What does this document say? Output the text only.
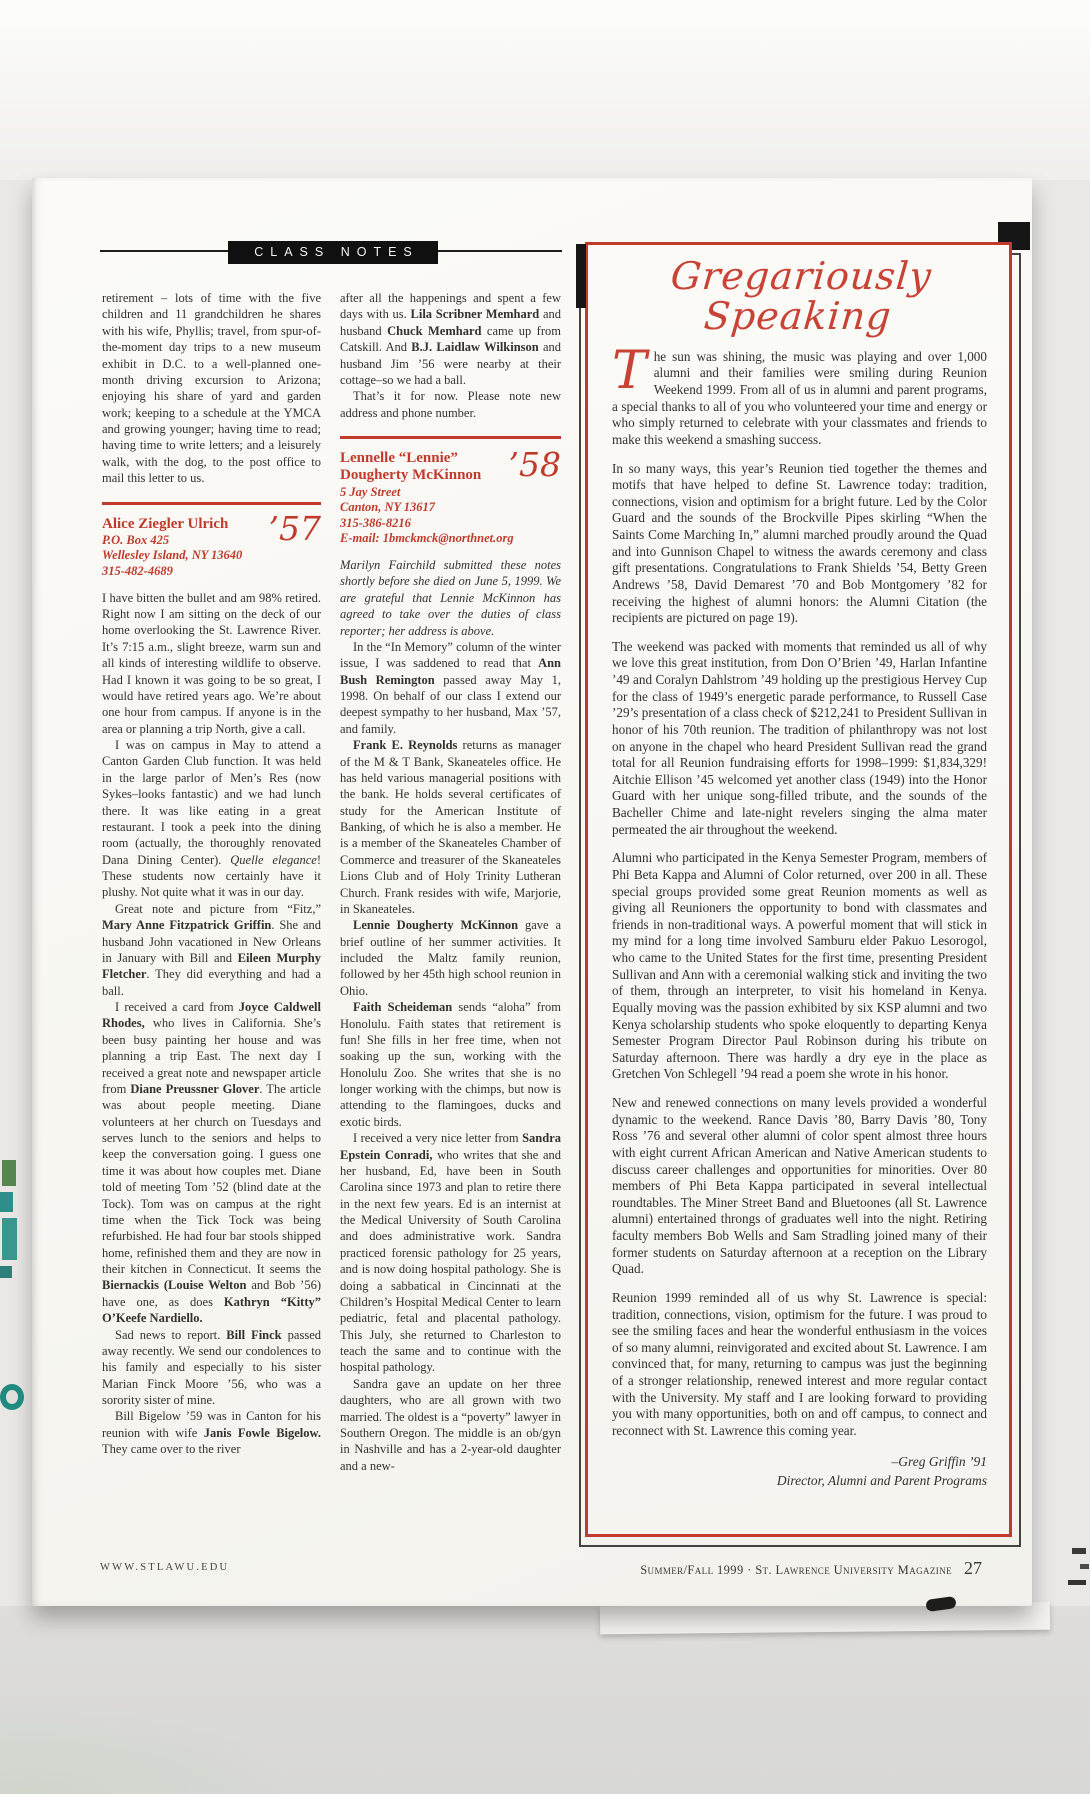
CLASS NOTES

retirement – lots of time with the five children and 11 grandchildren he shares with his wife, Phyllis; travel, from spur-of-the-moment day trips to a new museum exhibit in D.C. to a well-planned one-month driving excursion to Arizona; enjoying his share of yard and garden work; keeping to a schedule at the YMCA and growing younger; having time to read; having time to write letters; and a leisurely walk, with the dog, to the post office to mail this letter to us.

’57
Alice Ziegler Ulrich
P.O. Box 425
Wellesley Island, NY 13640
315-482-4689

I have bitten the bullet and am 98% retired. Right now I am sitting on the deck of our home overlooking the St. Lawrence River. It’s 7:15 a.m., slight breeze, warm sun and all kinds of interesting wildlife to observe. Had I known it was going to be so great, I would have retired years ago. We’re about one hour from campus. If anyone is in the area or planning a trip North, give a call.

I was on campus in May to attend a Canton Garden Club function. It was held in the large parlor of Men’s Res (now Sykes–looks fantastic) and we had lunch there. It was like eating in a great restaurant. I took a peek into the dining room (actually, the thoroughly renovated Dana Dining Center). Quelle elegance! These students now certainly have it plushy. Not quite what it was in our day.

Great note and picture from “Fitz,” Mary Anne Fitzpatrick Griffin. She and husband John vacationed in New Orleans in January with Bill and Eileen Murphy Fletcher. They did everything and had a ball.

I received a card from Joyce Caldwell Rhodes, who lives in California. She’s been busy painting her house and was planning a trip East. The next day I received a great note and newspaper article from Diane Preussner Glover. The article was about people meeting. Diane volunteers at her church on Tuesdays and serves lunch to the seniors and helps to keep the conversation going. I guess one time it was about how couples met. Diane told of meeting Tom ’52 (blind date at the Tock). Tom was on campus at the right time when the Tick Tock was being refurbished. He had four bar stools shipped home, refinished them and they are now in their kitchen in Connecticut. It seems the Biernackis (Louise Welton and Bob ’56) have one, as does Kathryn “Kitty” O’Keefe Nardiello.

Sad news to report. Bill Finck passed away recently. We send our condolences to his family and especially to his sister Marian Finck Moore ’56, who was a sorority sister of mine.

Bill Bigelow ’59 was in Canton for his reunion with wife Janis Fowle Bigelow. They came over to the river

after all the happenings and spent a few days with us. Lila Scribner Memhard and husband Chuck Memhard came up from Catskill. And B.J. Laidlaw Wilkinson and husband Jim ’56 were nearby at their cottage–so we had a ball.

That’s it for now. Please note new address and phone number.

’58
Lennelle “Lennie”
Dougherty McKinnon
5 Jay Street
Canton, NY 13617
315-386-8216
E-mail: 1bmckmck@northnet.org

Marilyn Fairchild submitted these notes shortly before she died on June 5, 1999. We are grateful that Lennie McKinnon has agreed to take over the duties of class reporter; her address is above.

In the “In Memory” column of the winter issue, I was saddened to read that Ann Bush Remington passed away May 1, 1998. On behalf of our class I extend our deepest sympathy to her husband, Max ’57, and family.

Frank E. Reynolds returns as manager of the M & T Bank, Skaneateles office. He has held various managerial positions with the bank. He holds several certificates of study for the American Institute of Banking, of which he is also a member. He is a member of the Skaneateles Chamber of Commerce and treasurer of the Skaneateles Lions Club and of Holy Trinity Lutheran Church. Frank resides with wife, Marjorie, in Skaneateles.

Lennie Dougherty McKinnon gave a brief outline of her summer activities. It included the Maltz family reunion, followed by her 45th high school reunion in Ohio.

Faith Scheideman sends “aloha” from Honolulu. Faith states that retirement is fun! She fills in her free time, when not soaking up the sun, working with the Honolulu Zoo. She writes that she is no longer working with the chimps, but now is attending to the flamingoes, ducks and exotic birds.

I received a very nice letter from Sandra Epstein Conradi, who writes that she and her husband, Ed, have been in South Carolina since 1973 and plan to retire there in the next few years. Ed is an internist at the Medical University of South Carolina and does administrative work. Sandra practiced forensic pathology for 25 years, and is now doing hospital pathology. She is doing a sabbatical in Cincinnati at the Children’s Hospital Medical Center to learn pediatric, fetal and placental pathology. This July, she returned to Charleston to teach the same and to continue with the hospital pathology.

Sandra gave an update on her three daughters, who are all grown with two married. The oldest is a “poverty” lawyer in Southern Oregon. The middle is an ob/gyn in Nashville and has a 2-year-old daughter and a new-

Gregariously Speaking

The sun was shining, the music was playing and over 1,000 alumni and their families were smiling during Reunion Weekend 1999. From all of us in alumni and parent programs, a special thanks to all of you who volunteered your time and energy or who simply returned to celebrate with your classmates and friends to make this weekend a smashing success.

In so many ways, this year’s Reunion tied together the themes and motifs that have helped to define St. Lawrence today: tradition, connections, vision and optimism for a bright future. Led by the Color Guard and the sounds of the Brockville Pipes skirling “When the Saints Come Marching In,” alumni marched proudly around the Quad and into Gunnison Chapel to witness the awards ceremony and class gift presentations. Congratulations to Frank Shields ’54, Betty Green Andrews ’58, David Demarest ’70 and Bob Montgomery ’82 for receiving the highest of alumni honors: the Alumni Citation (the recipients are pictured on page 19).

The weekend was packed with moments that reminded us all of why we love this great institution, from Don O’Brien ’49, Harlan Infantine ’49 and Coralyn Dahlstrom ’49 holding up the prestigious Hervey Cup for the class of 1949’s energetic parade performance, to Russell Case ’29’s presentation of a class check of $212,241 to President Sullivan in honor of his 70th reunion. The tradition of philanthropy was not lost on anyone in the chapel who heard President Sullivan read the grand total for all Reunion fundraising efforts for 1998–1999: $1,834,329! Aitchie Ellison ’45 welcomed yet another class (1949) into the Honor Guard with her unique song-filled tribute, and the sounds of the Bacheller Chime and late-night revelers singing the alma mater permeated the air throughout the weekend.

Alumni who participated in the Kenya Semester Program, members of Phi Beta Kappa and Alumni of Color returned, over 200 in all. These special groups provided some great Reunion moments as well as giving all Reunioners the opportunity to bond with classmates and friends in non-traditional ways. A powerful moment that will stick in my mind for a long time involved Samburu elder Pakuo Lesorogol, who came to the United States for the first time, presenting President Sullivan and Ann with a ceremonial walking stick and inviting the two of them, through an interpreter, to visit his homeland in Kenya. Equally moving was the passion exhibited by six KSP alumni and two Kenya scholarship students who spoke eloquently to departing Kenya Semester Program Director Paul Robinson during his tribute on Saturday afternoon. There was hardly a dry eye in the place as Gretchen Von Schlegell ’94 read a poem she wrote in his honor.

New and renewed connections on many levels provided a wonderful dynamic to the weekend. Rance Davis ’80, Barry Davis ’80, Tony Ross ’76 and several other alumni of color spent almost three hours with eight current African American and Native American students to discuss career challenges and opportunities for minorities. Over 80 members of Phi Beta Kappa participated in several intellectual roundtables. The Miner Street Band and Bluetoones (all St. Lawrence alumni) entertained throngs of graduates well into the night. Retiring faculty members Bob Wells and Sam Stradling joined many of their former students on Saturday afternoon at a reception on the Library Quad.

Reunion 1999 reminded all of us why St. Lawrence is special: tradition, connections, vision, optimism for the future. I was proud to see the smiling faces and hear the wonderful enthusiasm in the voices of so many alumni, reinvigorated and excited about St. Lawrence. I am convinced that, for many, returning to campus was just the beginning of a stronger relationship, renewed interest and more regular contact with the University. My staff and I are looking forward to providing you with many opportunities, both on and off campus, to connect and reconnect with St. Lawrence this coming year.

–Greg Griffin ’91
Director, Alumni and Parent Programs
WWW.STLAWU.EDU	Summer/Fall 1999 · St. Lawrence University Magazine 27
